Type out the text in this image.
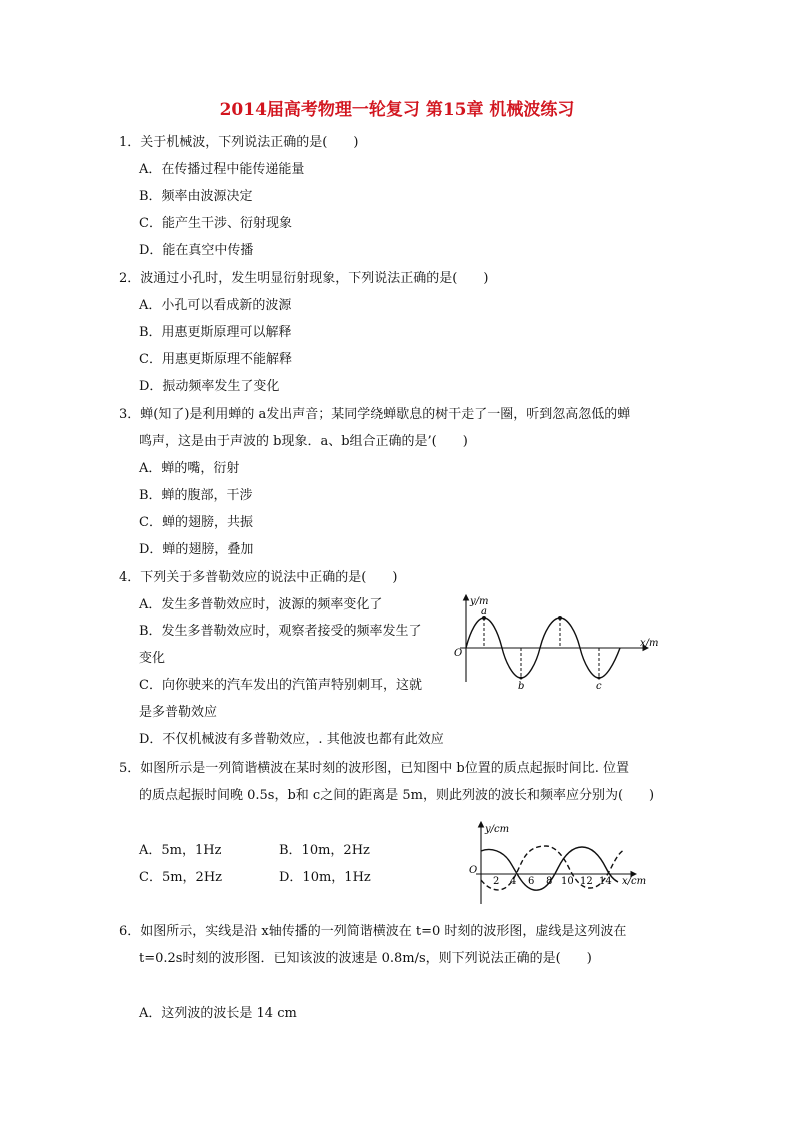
2014届高考物理一轮复习 第15章 机械波练习
1．关于机械波，下列说法正确的是(　　)
A．在传播过程中能传递能量
B．频率由波源决定
C．能产生干涉、衍射现象
D．能在真空中传播
2．波通过小孔时，发生明显衍射现象，下列说法正确的是(　　)
A．小孔可以看成新的波源
B．用惠更斯原理可以解释
C．用惠更斯原理不能解释
D．振动频率发生了变化
3．蝉(知了)是利用蝉的 a发出声音；某同学绕蝉歇息的树干走了一圈，听到忽高忽低的蝉
鸣声，这是由于声波的 b现象．a、b组合正确的是’(　　)
A．蝉的嘴，衍射
B．蝉的腹部，干涉
C．蝉的翅膀，共振
D．蝉的翅膀，叠加
4．下列关于多普勒效应的说法中正确的是(　　)
A．发生多普勒效应时，波源的频率变化了
B．发生多普勒效应时，观察者接受的频率发生了
变化
C．向你驶来的汽车发出的汽笛声特别刺耳，这就
是多普勒效应
D．不仅机械波有多普勒效应，. 其他波也都有此效应
y/m
x/m
O
a
b	c
5．如图所示是一列简谐横波在某时刻的波形图，已知图中 b位置的质点起振时间比. 位置
的质点起振时间晚 0.5s，b和 c之间的距离是 5m，则此列波的波长和频率应分别为(　　)
A．5m，1Hz	B．10m，2Hz
C．5m，2Hz	D．10m，1Hz
y/cm
x/cm
O
2 4 6 8 10 12 14
6．如图所示，实线是沿 x轴传播的一列简谐横波在 t=0 时刻的波形图，虚线是这列波在
t=0.2s时刻的波形图．已知该波的波速是 0.8m/s，则下列说法正确的是(　　)
A．这列波的波长是 14 cm
